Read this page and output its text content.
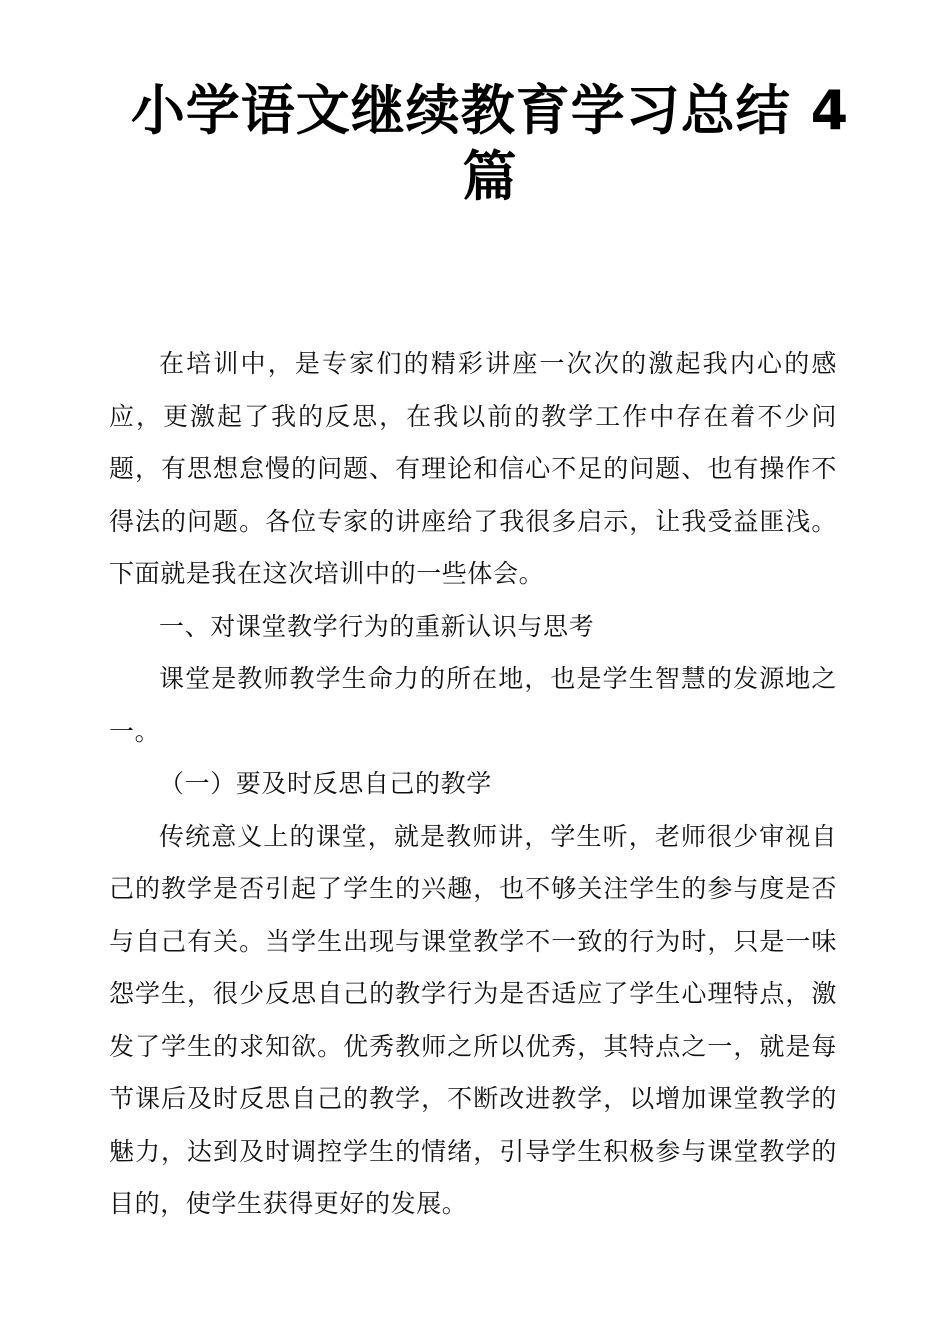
小学语文继续教育学习总结 4 篇

在培训中，是专家们的精彩讲座一次次的激起我内心的感应，更激起了我的反思，在我以前的教学工作中存在着不少问题，有思想怠慢的问题、有理论和信心不足的问题、也有操作不得法的问题。各位专家的讲座给了我很多启示，让我受益匪浅。下面就是我在这次培训中的一些体会。

一、对课堂教学行为的重新认识与思考

课堂是教师教学生命力的所在地，也是学生智慧的发源地之一。

（一）要及时反思自己的教学

传统意义上的课堂，就是教师讲，学生听，老师很少审视自己的教学是否引起了学生的兴趣，也不够关注学生的参与度是否与自己有关。当学生出现与课堂教学不一致的行为时，只是一味怨学生，很少反思自己的教学行为是否适应了学生心理特点，激发了学生的求知欲。优秀教师之所以优秀，其特点之一，就是每节课后及时反思自己的教学，不断改进教学，以增加课堂教学的魅力，达到及时调控学生的情绪，引导学生积极参与课堂教学的目的，使学生获得更好的发展。
